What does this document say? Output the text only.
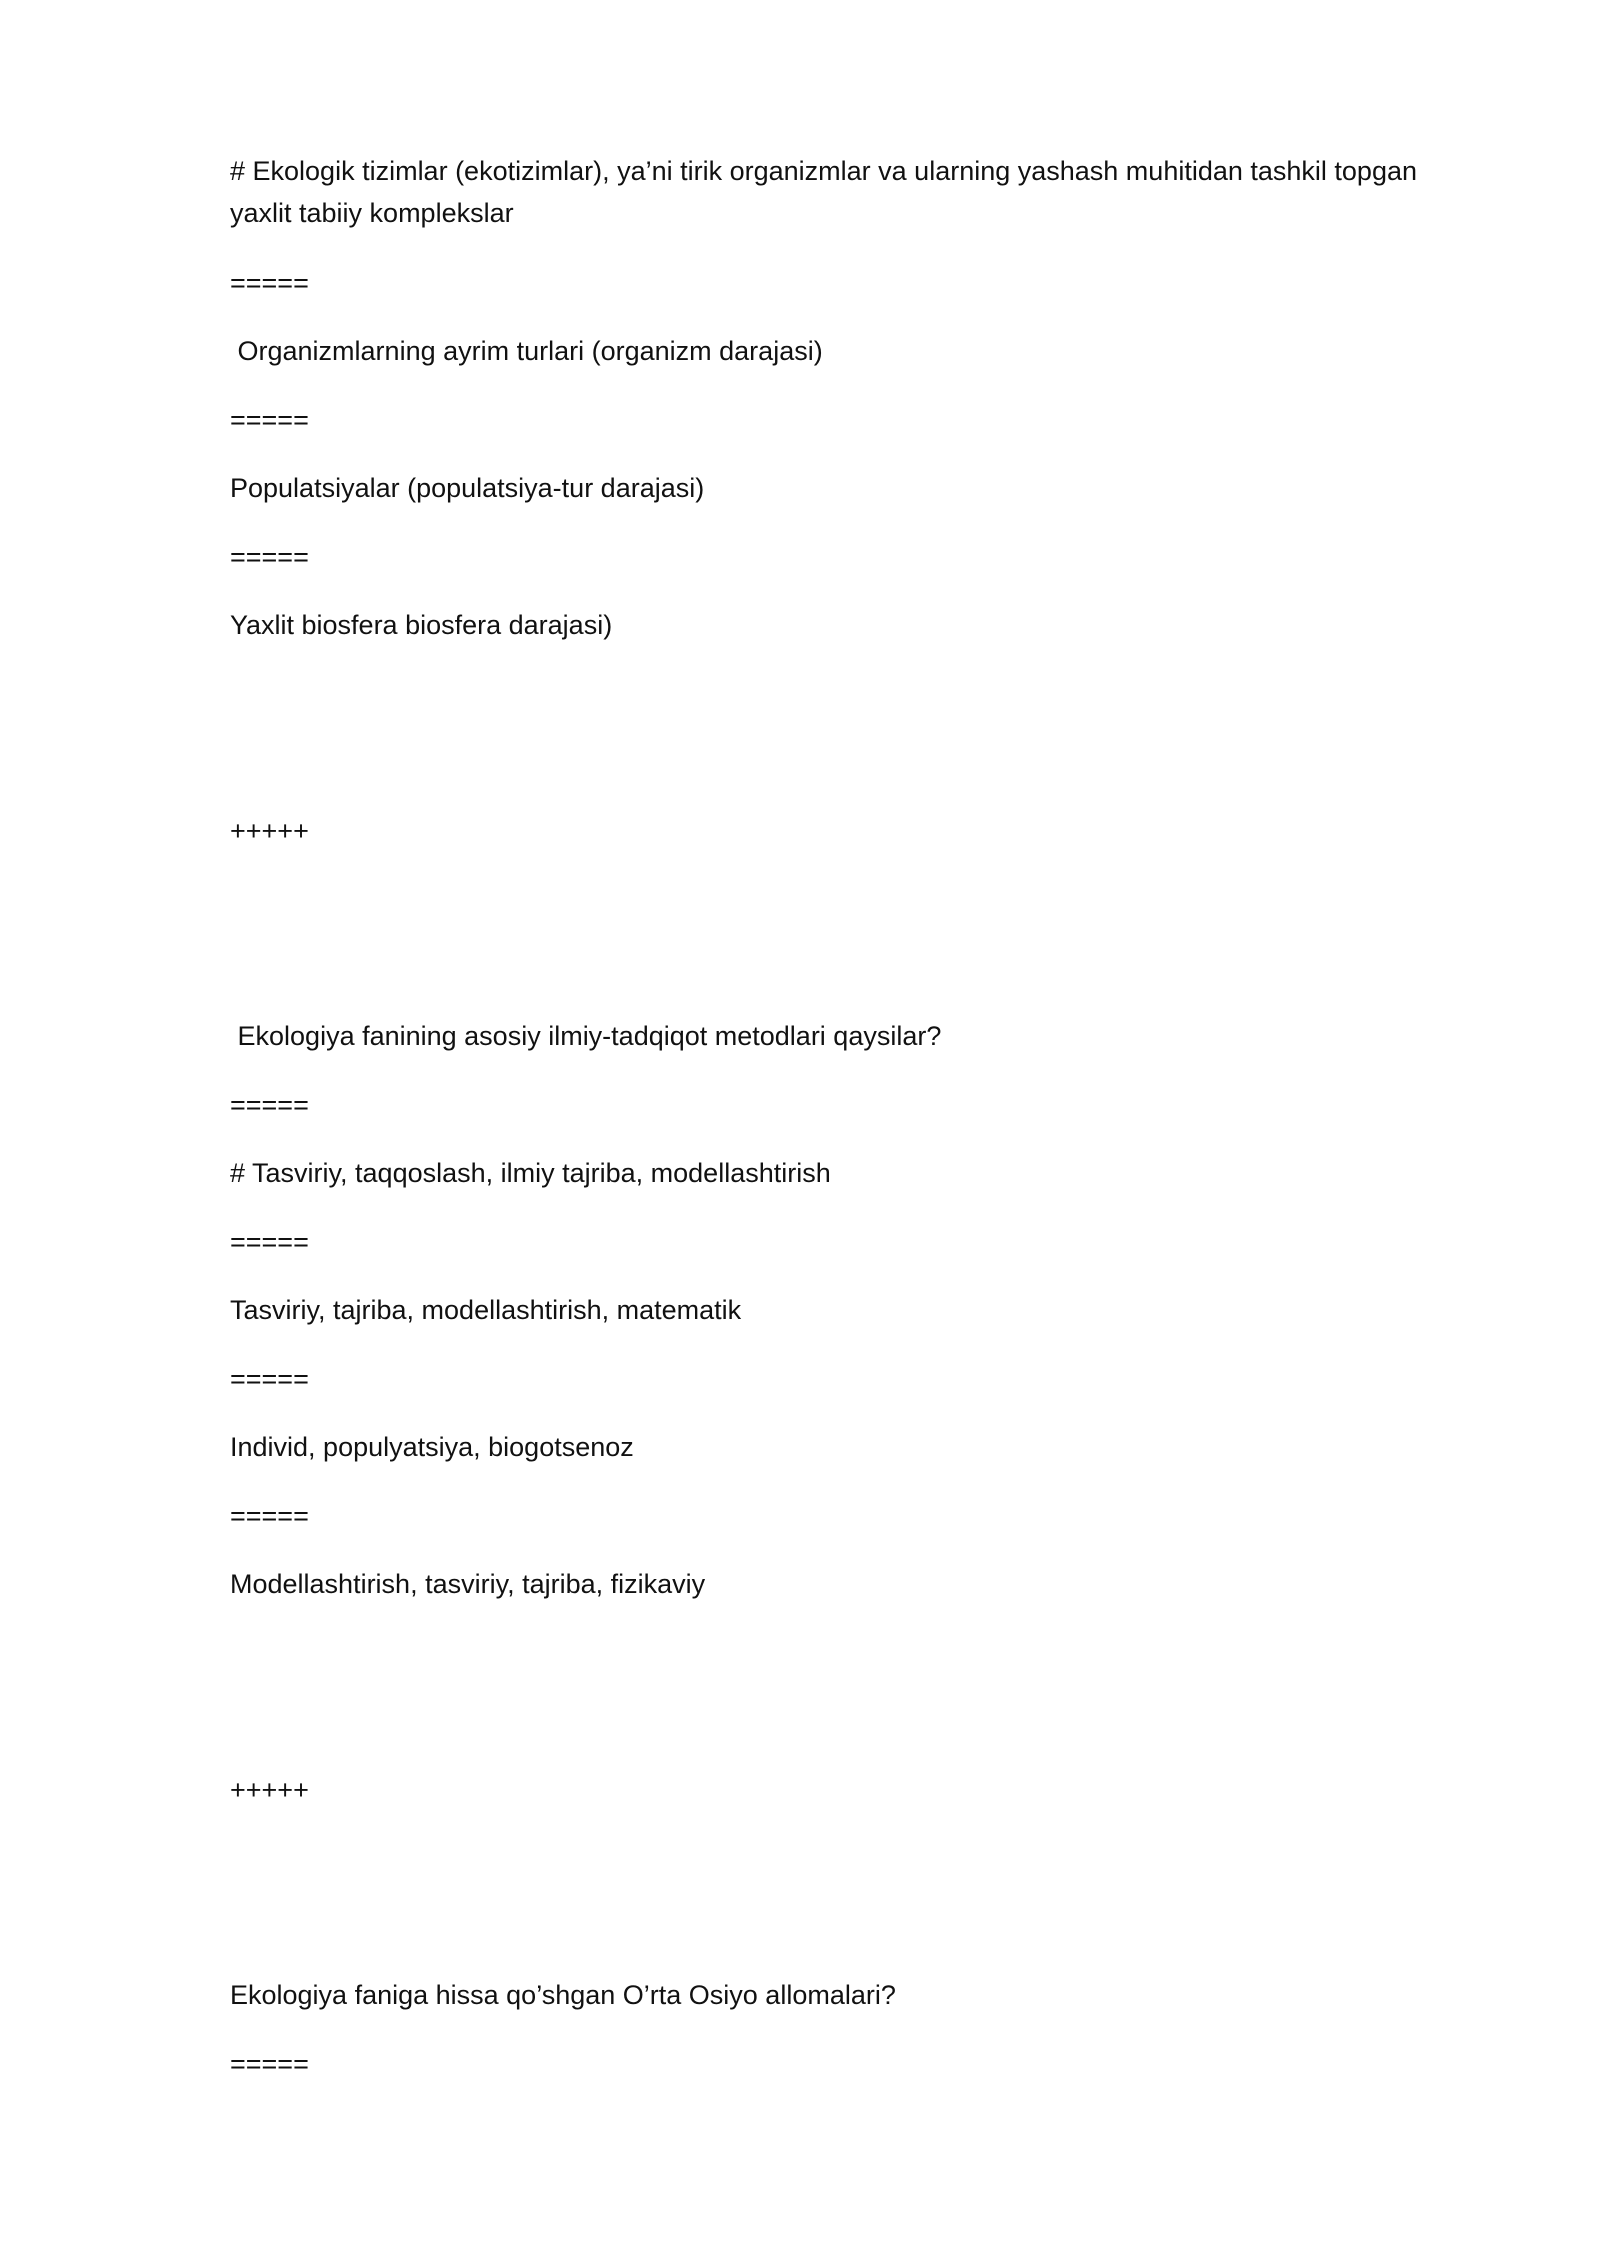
# Ekologik tizimlar (ekotizimlar), ya’ni tirik organizmlar va ularning yashash muhitidan tashkil topgan yaxlit tabiiy komplekslar

=====

Organizmlarning ayrim turlari (organizm darajasi)

=====

Populatsiyalar (populatsiya-tur darajasi)

=====

Yaxlit biosfera biosfera darajasi)

+++++

Ekologiya fanining asosiy ilmiy-tadqiqot metodlari qaysilar?

=====

# Tasviriy, taqqoslash, ilmiy tajriba, modellashtirish

=====

Tasviriy, tajriba, modellashtirish, matematik

=====

Individ, populyatsiya, biogotsenoz

=====

Modellashtirish, tasviriy, tajriba, fizikaviy

+++++

Ekologiya faniga hissa qo’shgan O’rta Osiyo allomalari?

=====
